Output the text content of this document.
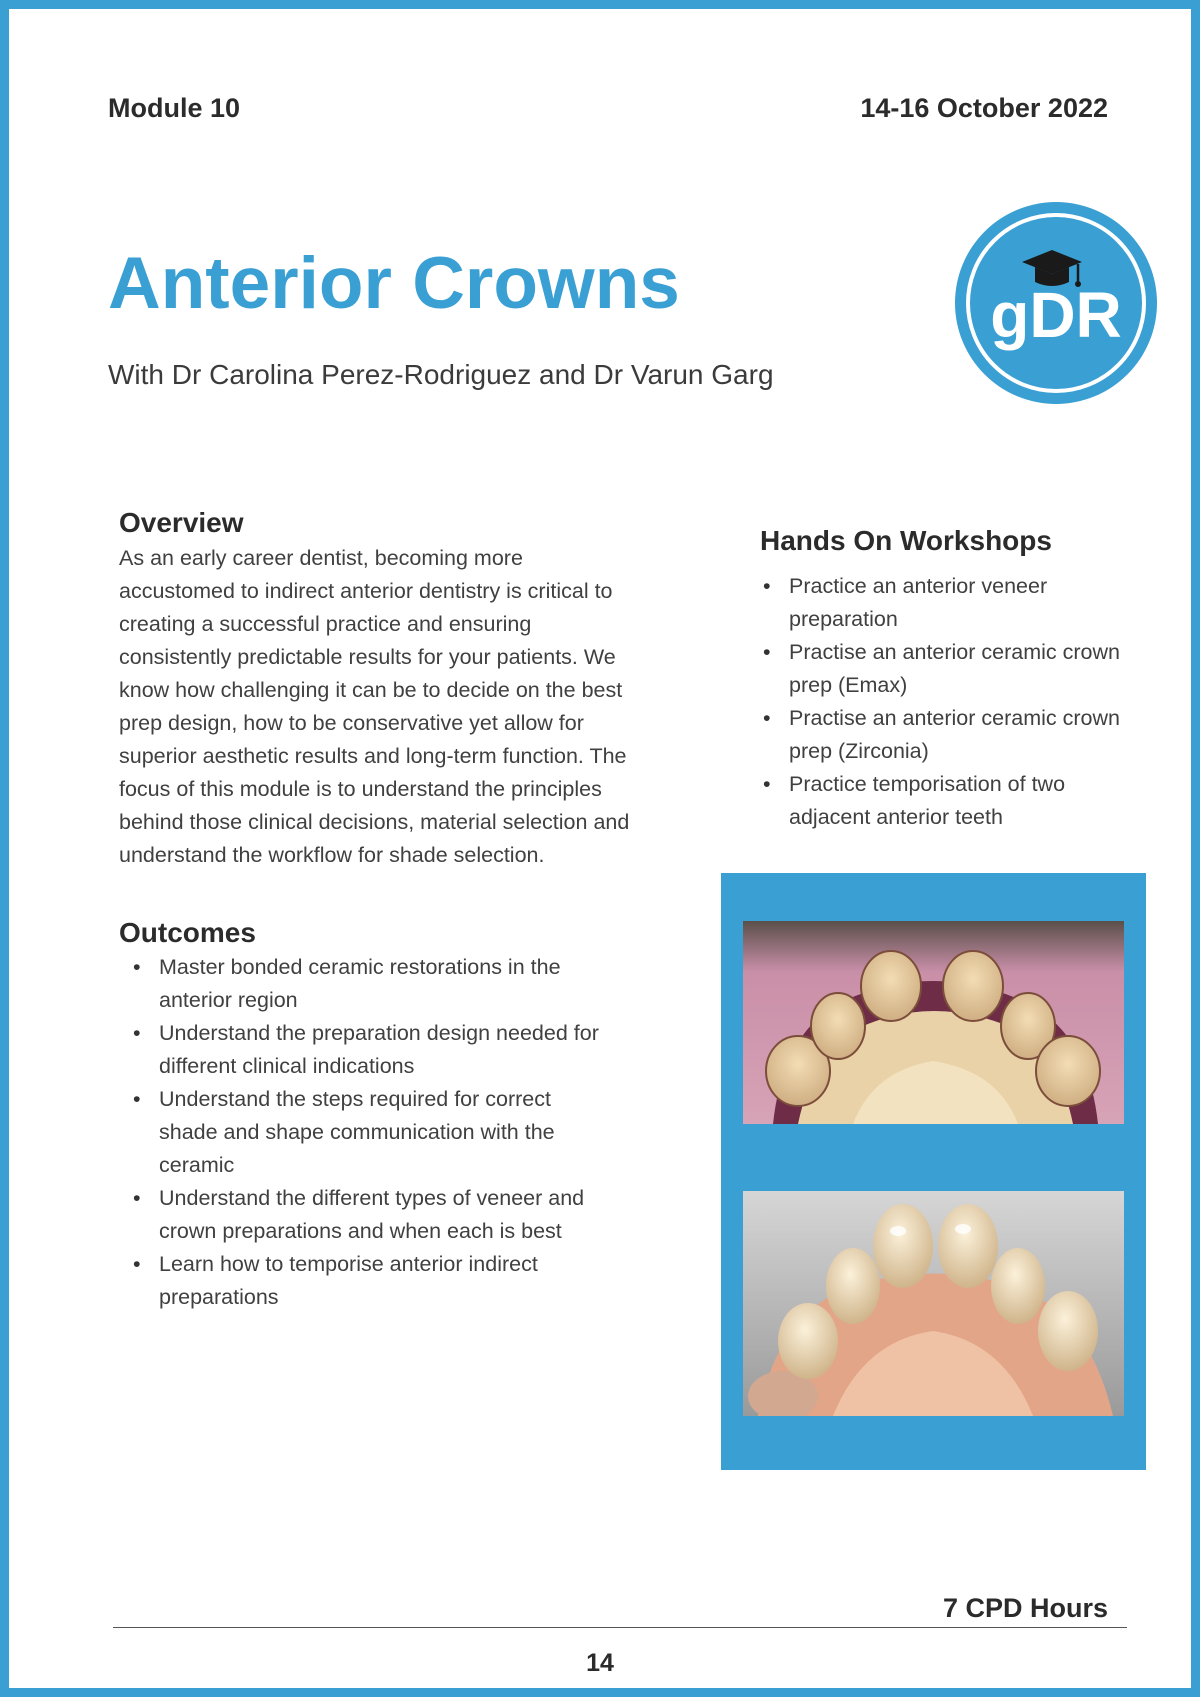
Module 10	14-16 October 2022
Anterior Crowns
With Dr Carolina Perez-Rodriguez and Dr Varun Garg
gDR
Overview

As an early career dentist, becoming more
accustomed to indirect anterior dentistry is critical to
creating a successful practice and ensuring
consistently predictable results for your patients. We
know how challenging it can be to decide on the best
prep design, how to be conservative yet allow for
superior aesthetic results and long-term function. The
focus of this module is to understand the principles
behind those clinical decisions, material selection and
understand the workflow for shade selection.

Outcomes
• Master bonded ceramic restorations in the
anterior region
• Understand the preparation design needed for
different clinical indications
• Understand the steps required for correct
shade and shape communication with the
ceramic
• Understand the different types of veneer and
crown preparations and when each is best
• Learn how to temporise anterior indirect
preparations
Hands On Workshops
• Practice an anterior veneer
preparation
• Practise an anterior ceramic crown
prep (Emax)
• Practise an anterior ceramic crown
prep (Zirconia)
• Practice temporisation of two
adjacent anterior teeth
7 CPD Hours
14
